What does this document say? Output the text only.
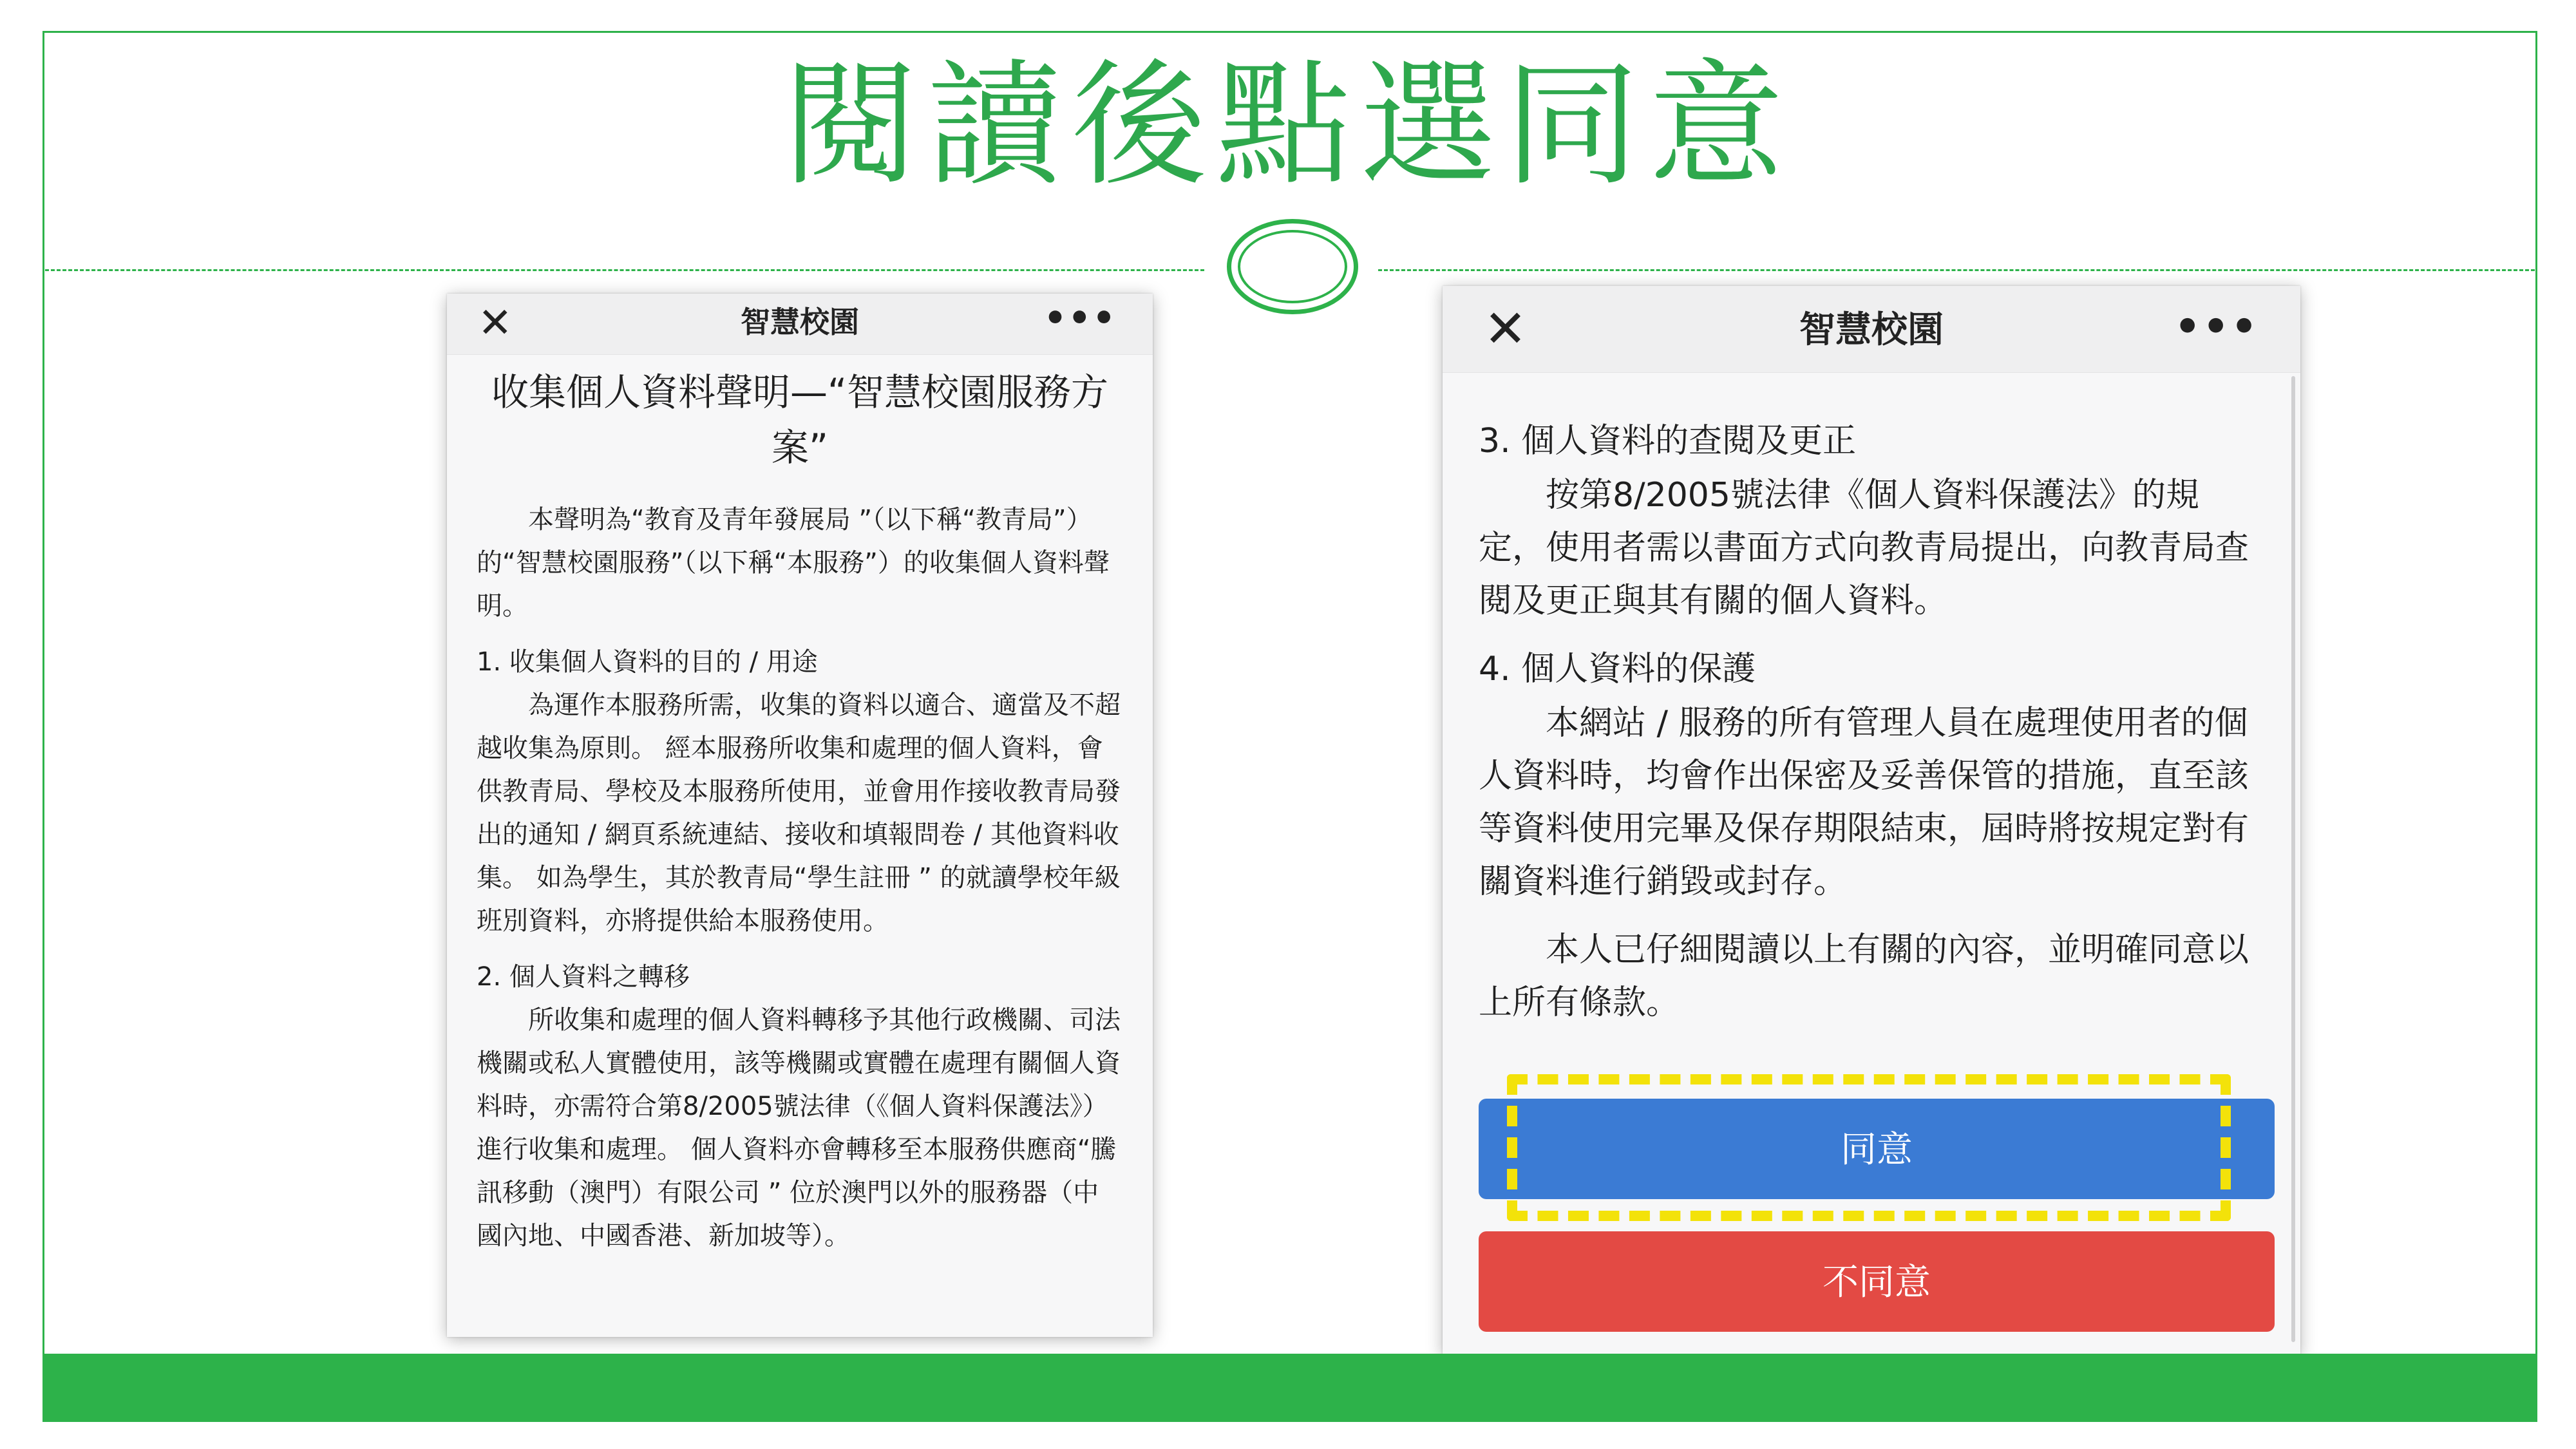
閱讀後點選同意
✕	智慧校園	•••
收集個人資料聲明—“智慧校園服務方案”
本聲明為“教育及青年發展局 ”（以下稱“教青局”）的“智慧校園服務”（以下稱“本服務”）的收集個人資料聲明。
1. 收集個人資料的目的 / 用途
為運作本服務所需，收集的資料以適合、適當及不超越收集為原則。 經本服務所收集和處理的個人資料，會供教青局、學校及本服務所使用，並會用作接收教青局發出的通知 / 網頁系統連結、接收和填報問卷 / 其他資料收集。 如為學生，其於教青局“學生註冊 ” 的就讀學校年級班別資料，亦將提供給本服務使用。
2. 個人資料之轉移
所收集和處理的個人資料轉移予其他行政機關、司法機關或私人實體使用，該等機關或實體在處理有關個人資料時，亦需符合第8/2005號法律（《個人資料保護法》）進行收集和處理。 個人資料亦會轉移至本服務供應商“騰訊移動（澳門）有限公司 ” 位於澳門以外的服務器（中國內地、中國香港、新加坡等）。
✕	智慧校園	•••
3. 個人資料的查閱及更正
按第8/2005號法律《個人資料保護法》的規定，使用者需以書面方式向教青局提出，向教青局查閱及更正與其有關的個人資料。
4. 個人資料的保護
本網站 / 服務的所有管理人員在處理使用者的個人資料時，均會作出保密及妥善保管的措施，直至該等資料使用完畢及保存期限結束，屆時將按規定對有關資料進行銷毀或封存。
本人已仔細閱讀以上有關的內容，並明確同意以上所有條款。
同意
不同意
